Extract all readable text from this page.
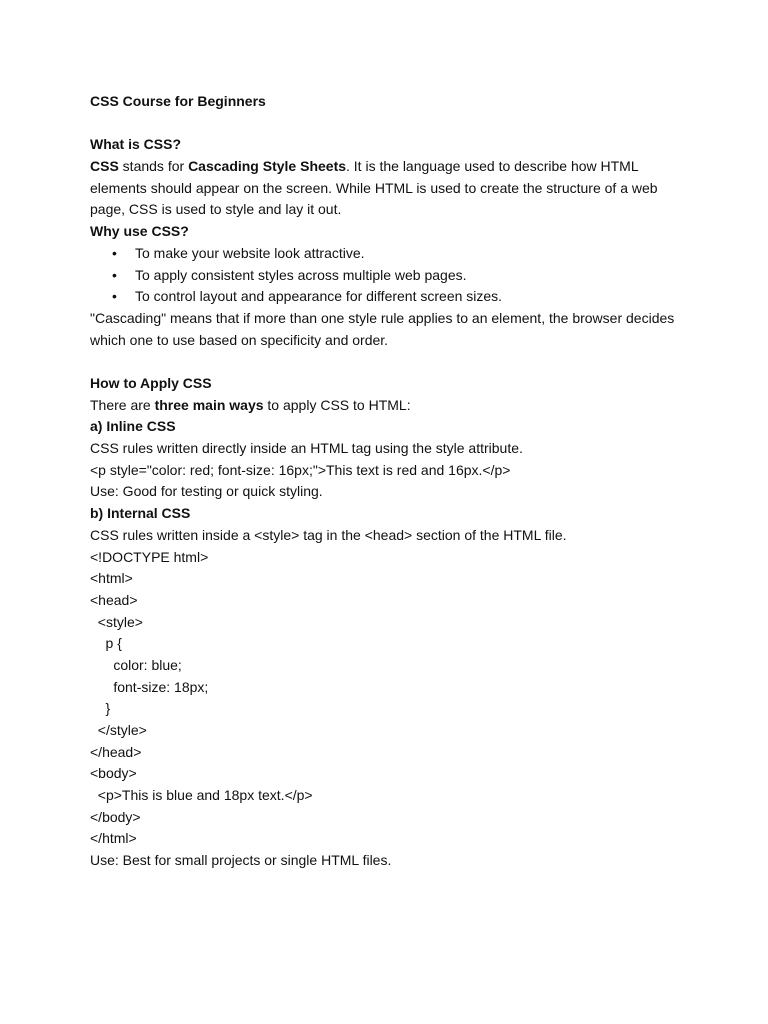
CSS Course for Beginners
What is CSS?
CSS stands for Cascading Style Sheets. It is the language used to describe how HTML elements should appear on the screen. While HTML is used to create the structure of a web page, CSS is used to style and lay it out.
Why use CSS?
• To make your website look attractive.
• To apply consistent styles across multiple web pages.
• To control layout and appearance for different screen sizes.
"Cascading" means that if more than one style rule applies to an element, the browser decides which one to use based on specificity and order.
How to Apply CSS
There are three main ways to apply CSS to HTML:
a) Inline CSS
CSS rules written directly inside an HTML tag using the style attribute.
<p style="color: red; font-size: 16px;">This text is red and 16px.</p>
Use: Good for testing or quick styling.
b) Internal CSS
CSS rules written inside a <style> tag in the <head> section of the HTML file.
<!DOCTYPE html>
<html>
<head>
<style>
p {
color: blue;
font-size: 18px;
}
</style>
</head>
<body>
<p>This is blue and 18px text.</p>
</body>
</html>
Use: Best for small projects or single HTML files.
